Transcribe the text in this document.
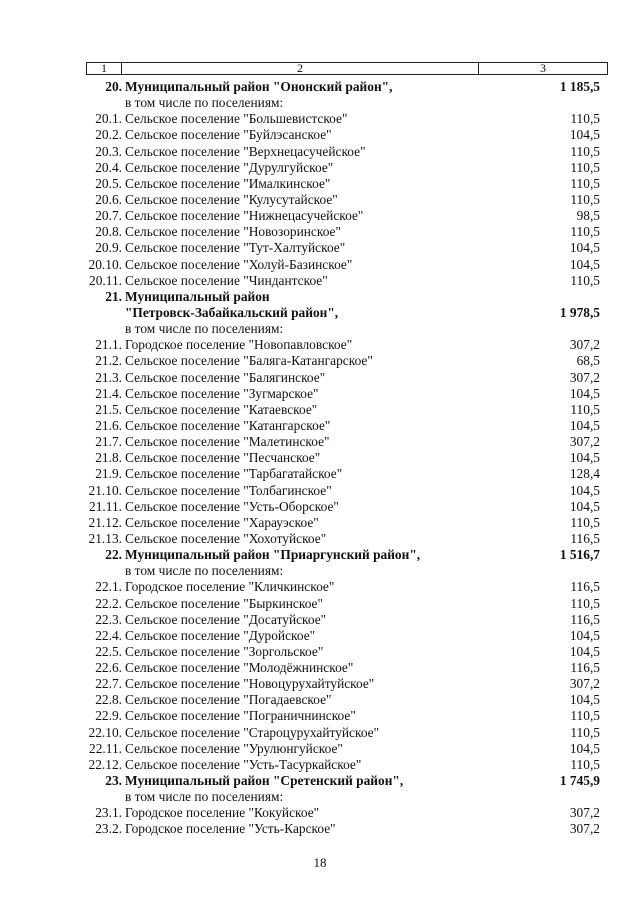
1	2	3
20. Муниципальный район "Ононский район",	1 185,5
в том числе по поселениям:
20.1. Сельское поселение "Большевистское"	110,5
20.2. Сельское поселение "Буйлэсанское"	104,5
20.3. Сельское поселение "Верхнецасучейское"	110,5
20.4. Сельское поселение "Дурулгуйское"	110,5
20.5. Сельское поселение "Ималкинское"	110,5
20.6. Сельское поселение "Кулусутайское"	110,5
20.7. Сельское поселение "Нижнецасучейское"	98,5
20.8. Сельское поселение "Новозоринское"	110,5
20.9. Сельское поселение "Тут-Халтуйское"	104,5
20.10. Сельское поселение "Холуй-Базинское"	104,5
20.11. Сельское поселение "Чиндантское"	110,5
21. Муниципальный район
"Петровск-Забайкальский район",	1 978,5
в том числе по поселениям:
21.1. Городское поселение "Новопавловское"	307,2
21.2. Сельское поселение "Баляга-Катангарское"	68,5
21.3. Сельское поселение "Балягинское"	307,2
21.4. Сельское поселение "Зугмарское"	104,5
21.5. Сельское поселение "Катаевское"	110,5
21.6. Сельское поселение "Катангарское"	104,5
21.7. Сельское поселение "Малетинское"	307,2
21.8. Сельское поселение "Песчанское"	104,5
21.9. Сельское поселение "Тарбагатайское"	128,4
21.10. Сельское поселение "Толбагинское"	104,5
21.11. Сельское поселение "Усть-Оборское"	104,5
21.12. Сельское поселение "Харауэское"	110,5
21.13. Сельское поселение "Хохотуйское"	116,5
22. Муниципальный район "Приаргунский район",	1 516,7
в том числе по поселениям:
22.1. Городское поселение "Кличкинское"	116,5
22.2. Сельское поселение "Быркинское"	110,5
22.3. Сельское поселение "Досатуйское"	116,5
22.4. Сельское поселение "Дуройское"	104,5
22.5. Сельское поселение "Зоргольское"	104,5
22.6. Сельское поселение "Молодёжнинское"	116,5
22.7. Сельское поселение "Новоцурухайтуйское"	307,2
22.8. Сельское поселение "Погадаевское"	104,5
22.9. Сельское поселение "Пограничнинское"	110,5
22.10. Сельское поселение "Староцурухайтуйское"	110,5
22.11. Сельское поселение "Урулюнгуйское"	104,5
22.12. Сельское поселение "Усть-Тасуркайское"	110,5
23. Муниципальный район "Сретенский район",	1 745,9
в том числе по поселениям:
23.1. Городское поселение "Кокуйское"	307,2
23.2. Городское поселение "Усть-Карское"	307,2
18
